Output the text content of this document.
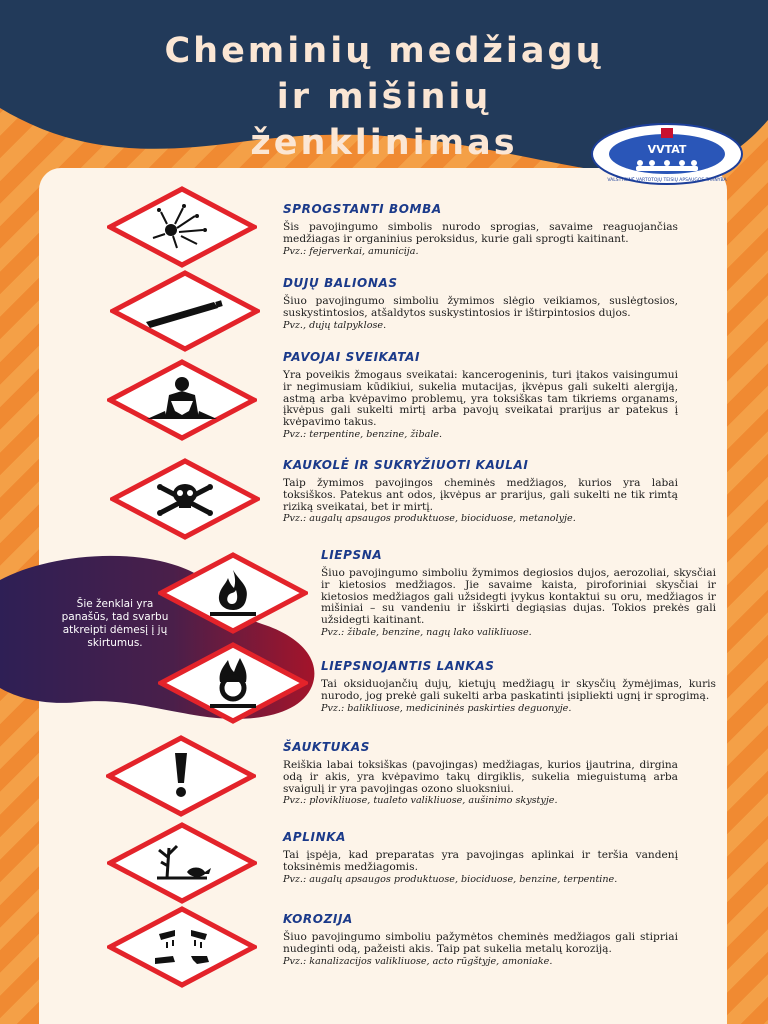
Cheminių medžiagų
ir mišinių
ženklinimas	VVTAT
VALSTYBINĖ VARTOTOJŲ TEISIŲ APSAUGOS TARNYBA

Šie ženklai yra panašūs, tad svarbu atkreipti dėmesį į jų skirtumus.

SPROGSTANTI BOMBA

Šis pavojingumo simbolis nurodo sprogias, savaime reaguojančias medžiagas ir organinius peroksidus, kurie gali sprogti kaitinant.

Pvz.: fejerverkai, amunicija.

DUJŲ BALIONAS

Šiuo pavojingumo simboliu žymimos slėgio veikiamos, suslėgtosios, suskystintosios, atšaldytos suskystintosios ir ištirpintosios dujos.

Pvz., dujų talpyklose.

PAVOJAI SVEIKATAI

Yra poveikis žmogaus sveikatai: kancerogeninis, turi įtakos vaisingumui ir negimusiam kūdikiui, sukelia mutacijas, įkvėpus gali sukelti alergiją, astmą arba kvėpavimo problemų, yra toksiškas tam tikriems organams, įkvėpus gali sukelti mirtį arba pavojų sveikatai prarijus ar patekus į kvėpavimo takus.

Pvz.: terpentine, benzine, žibale.

KAUKOLĖ IR SUKRYŽIUOTI KAULAI

Taip žymimos pavojingos cheminės medžiagos, kurios yra labai toksiškos. Patekus ant odos, įkvėpus ar prarijus, gali sukelti ne tik rimtą riziką sveikatai, bet ir mirtį.

Pvz.: augalų apsaugos produktuose, biociduose, metanolyje.

LIEPSNA

Šiuo pavojingumo simboliu žymimos degiosios dujos, aerozoliai, skysčiai ir kietosios medžiagos. Jie savaime kaista, piroforiniai skysčiai ir kietosios medžiagos gali užsidegti įvykus kontaktui su oru, medžiagos ir mišiniai – su vandeniu ir išskirti degiąsias dujas. Tokios prekės gali užsidegti kaitinant.

Pvz.: žibale, benzine, nagų lako valikliuose.

LIEPSNOJANTIS LANKAS

Tai oksiduojančių dujų, kietųjų medžiagų ir skysčių žymėjimas, kuris nurodo, jog prekė gali sukelti arba paskatinti įsipliekti ugnį ir sprogimą.

Pvz.: balikliuose, medicininės paskirties deguonyje.

ŠAUKTUKAS

Reiškia labai toksiškas (pavojingas) medžiagas, kurios įjautrina, dirgina odą ir akis, yra kvėpavimo takų dirgiklis, sukelia mieguistumą arba svaigulį ir yra pavojingas ozono sluoksniui.

Pvz.: plovikliuose, tualeto valikliuose, aušinimo skystyje.

APLINKA

Tai įspėja, kad preparatas yra pavojingas aplinkai ir teršia vandenį toksinėmis medžiagomis.

Pvz.: augalų apsaugos produktuose, biociduose, benzine, terpentine.

KOROZIJA

Šiuo pavojingumo simboliu pažymėtos cheminės medžiagos gali stipriai nudeginti odą, pažeisti akis. Taip pat sukelia metalų koroziją.

Pvz.: kanalizacijos valikliuose, acto rūgštyje, amoniake.
